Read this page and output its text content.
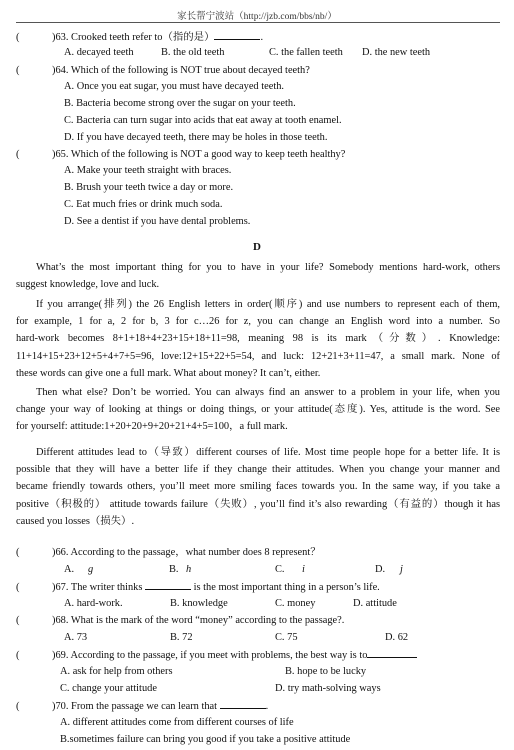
家长帮宁波站（http://jzb.com/bbs/nb/）
(	)63. Crooked teeth refer to（指的是）	.
A. decayed teeth	B. the old teeth	C. the fallen teeth D. the new teeth
(	)64. Which of the following is NOT true about decayed teeth?
A. Once you eat sugar, you must have decayed teeth.
B. Bacteria become strong over the sugar on your teeth.
C. Bacteria can turn sugar into acids that eat away at tooth enamel.
D. If you have decayed teeth, there may be holes in those teeth.
(	)65. Which of the following is NOT a good way to keep teeth healthy?
A. Make your teeth straight with braces.
B. Brush your teeth twice a day or more.
C. Eat much fries or drink much soda.
D. See a dentist if you have dental problems.
D
What’s the most important thing for you to have in your life? Somebody mentions hard-work, others
suggest knowledge, love and luck.
If you arrange(排列) the 26 English letters in order(顺序) and use numbers to represent each of them,
for example, 1 for a, 2 for b, 3 for c…26 for z, you can change an English word into a number. So
hard-work becomes 8+1+18+4+23+15+18+11=98, meaning 98 is its mark（分数）. Knowledge:
11+14+15+23+12+5+4+7+5=96, love:12+15+22+5=54, and luck: 12+21+3+11=47, a small mark. None of
these words can give one a full mark. What about money? It can’t, either.
Then what else? Don’t be worried. You can always find an answer to a problem in your life, when you
change your way of looking at things or doing things, or your attitude(态度). Yes, attitude is the word. See
for yourself: attitude:1+20+20+9+20+21+4+5=100，a full mark.
Different attitudes lead to（导致）different courses of life. Most time people hope for a better life. It is
possible that they will have a better life if they change their attitudes. When you change your manner and
became friendly towards others, you’ll meet more smiling faces towards you. In the same way, if you take a
positive（积极的） attitude towards failure（失败）, you’ll find it’s also rewarding（有益的）though it has
caused you losses（损失）.
(	)66. According to the passage，what number does 8 represent？
A. g	B. h	C. i	D. j
(	)67. The writer thinks	is the most important thing in a person’s life.
A. hard-work.	B. knowledge	C. money	D. attitude
(	)68. What is the mark of the word “money” according to the passage?.
A. 73	B. 72	C. 75	D. 62
(	)69. According to the passage, if you meet with problems, the best way is to
A. ask for help from others	B. hope to be lucky
C. change your attitude	D. try math-solving ways
(	)70. From the passage we can learn that	.
A. different attitudes come from different courses of life
B.sometimes failure can bring you good if you take a positive attitude
